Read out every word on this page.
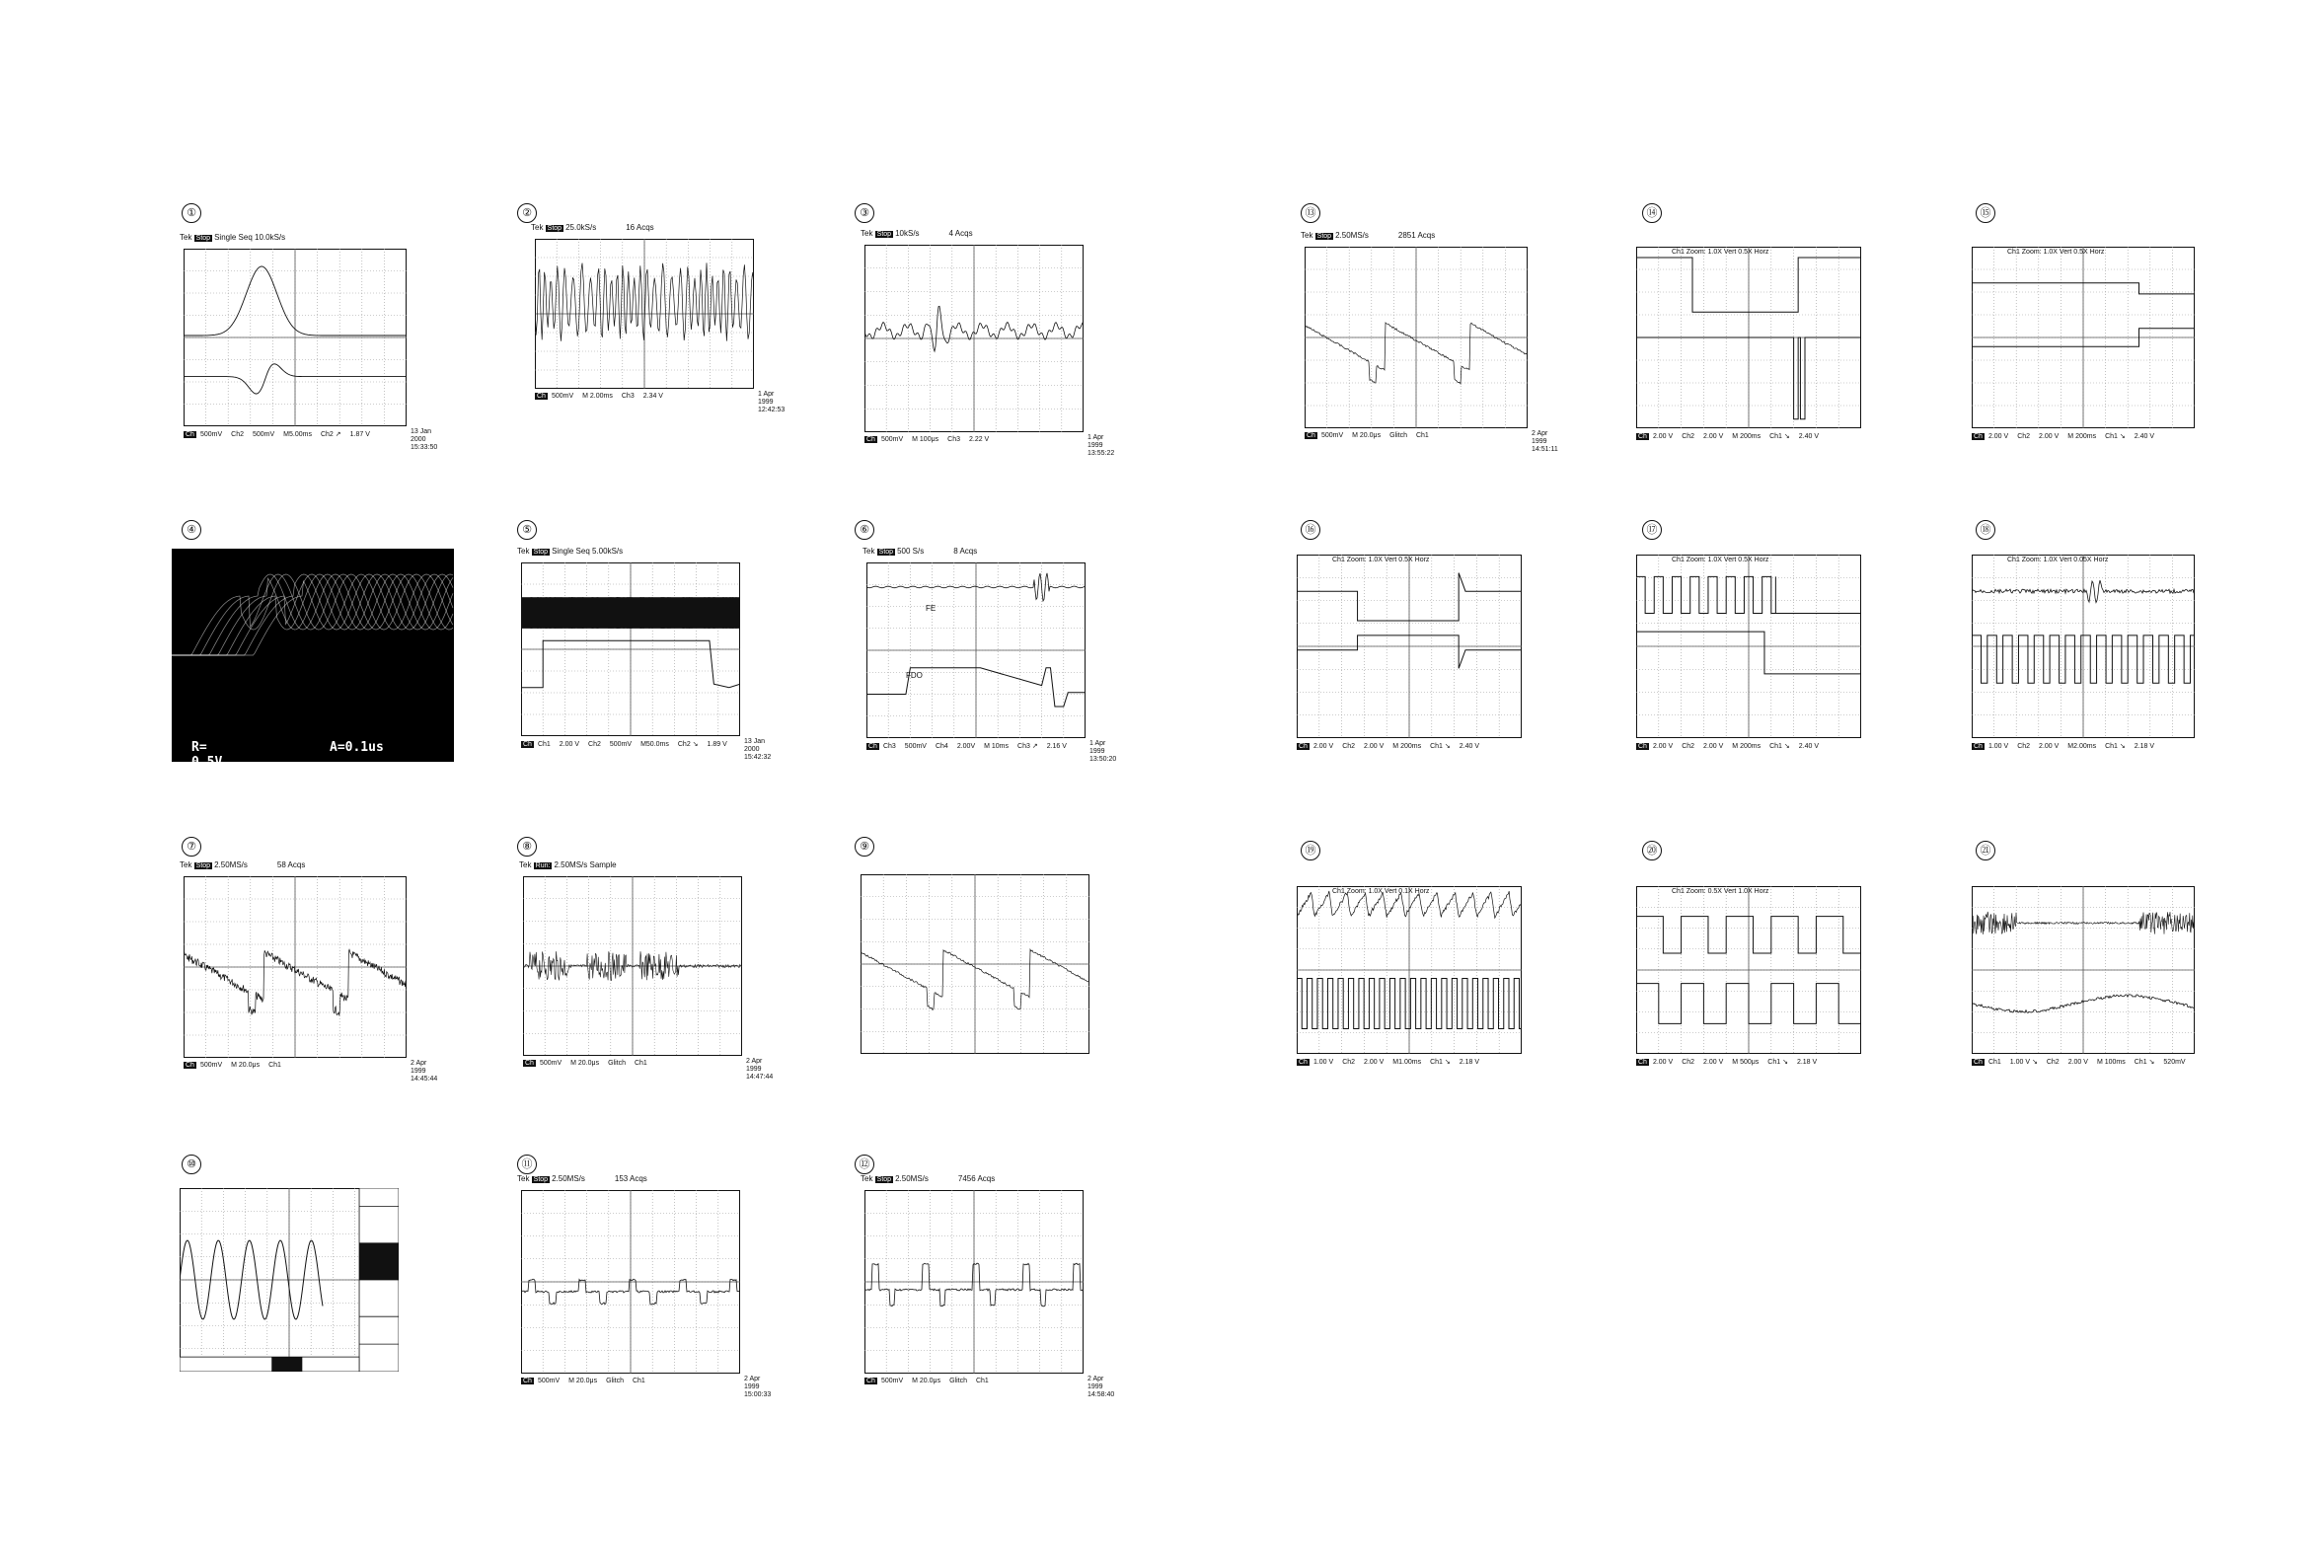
①
Tek Stop Single Seq 10.0kS/s
Ch 500mV Ch2 500mV M5.00ms Ch2 ↗ 1.87 V	13 Jan 2000
15:33:50
②
Tek Stop 25.0kS/s	16 Acqs
Ch 500mV M 2.00ms Ch3 2.34 V	1 Apr 1999
12:42:53
③
Tek Stop 10kS/s	4 Acqs
Ch 500mV M 100μs Ch3 2.22 V	1 Apr 1999
13:55:22
④
R= 0.5V
A=0.1us
⑤
Tek Stop Single Seq 5.00kS/s
Ch Ch1 2.00 V Ch2 500mV M50.0ms Ch2 ↘ 1.89 V	13 Jan 2000
15:42:32
⑥
Tek Stop 500 S/s	8 Acqs
FE
FDO
Ch Ch3 500mV Ch4 2.00V M 10ms Ch3 ↗ 2.16 V	1 Apr 1999
13:50:20
⑦
Tek Stop 2.50MS/s	58 Acqs
Ch 500mV M 20.0μs Ch1	2 Apr 1999
14:45:44
⑧
Tek Run: 2.50MS/s Sample
Ch 500mV M 20.0μs Glitch Ch1	2 Apr 1999
14:47:44
⑨
⑩	⑪
Tek Stop 2.50MS/s	153 Acqs
Ch 500mV M 20.0μs Glitch Ch1	2 Apr 1999
15:00:33
⑫
Tek Stop 2.50MS/s	7456 Acqs
Ch 500mV M 20.0μs Glitch Ch1	2 Apr 1999
14:58:40
⑬
Tek Stop 2.50MS/s	2851 Acqs
Ch 500mV M 20.0μs Glitch Ch1	2 Apr 1999
14:51:11
⑭
Ch1 Zoom: 1.0X Vert 0.5X Horz
Ch 2.00 V Ch2 2.00 V M 200ms Ch1 ↘ 2.40 V
⑮
Ch1 Zoom: 1.0X Vert 0.5X Horz
Ch 2.00 V Ch2 2.00 V M 200ms Ch1 ↘ 2.40 V
⑯
Ch1 Zoom: 1.0X Vert 0.5X Horz
Ch 2.00 V Ch2 2.00 V M 200ms Ch1 ↘ 2.40 V
⑰
Ch1 Zoom: 1.0X Vert 0.5X Horz
Ch 2.00 V Ch2 2.00 V M 200ms Ch1 ↘ 2.40 V
⑱
Ch1 Zoom: 1.0X Vert 0.05X Horz
Ch 1.00 V Ch2 2.00 V M2.00ms Ch1 ↘ 2.18 V
⑲
Ch1 Zoom: 1.0X Vert 0.1X Horz
Ch 1.00 V Ch2 2.00 V M1.00ms Ch1 ↘ 2.18 V
⑳
Ch1 Zoom: 0.5X Vert 1.0X Horz
Ch 2.00 V Ch2 2.00 V M 500μs Ch1 ↘ 2.18 V
㉑
Ch Ch1 1.00 V ↘ Ch2 2.00 V M 100ms Ch1 ↘ 520mV
